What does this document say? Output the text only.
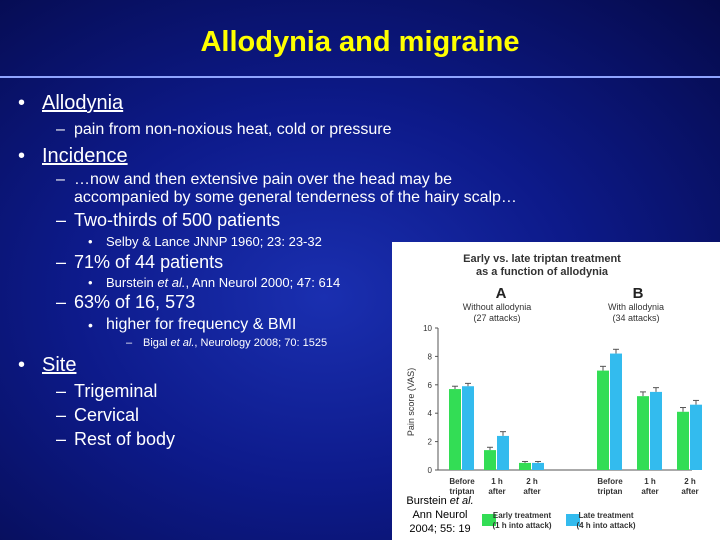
Allodynia and migraine
• Allodynia
– pain from non-noxious heat, cold or pressure
• Incidence
– …now and then extensive pain over the head may be
accompanied by some general tenderness of the hairy scalp…
– Two-thirds of 500 patients
• Selby & Lance JNNP 1960; 23: 23-32
– 71% of 44 patients
• Burstein et al., Ann Neurol 2000; 47: 614
– 63% of 16, 573
• higher for frequency & BMI
– Bigal et al., Neurology 2008; 70: 1525
• Site
– Trigeminal
– Cervical
– Rest of body
Early vs. late triptan treatment
as a function of allodynia
A	B
Without allodynia
(27 attacks)
With allodynia
(34 attacks)
Pain score (VAS)
0
2
4
6
8
10
Before
triptan
1 h
after
2 h
after
Before
triptan
1 h
after
2 h
after
Early treatment
(1 h into attack)
Late treatment
(4 h into attack)
Burstein et al.
Ann Neurol
2004; 55: 19
